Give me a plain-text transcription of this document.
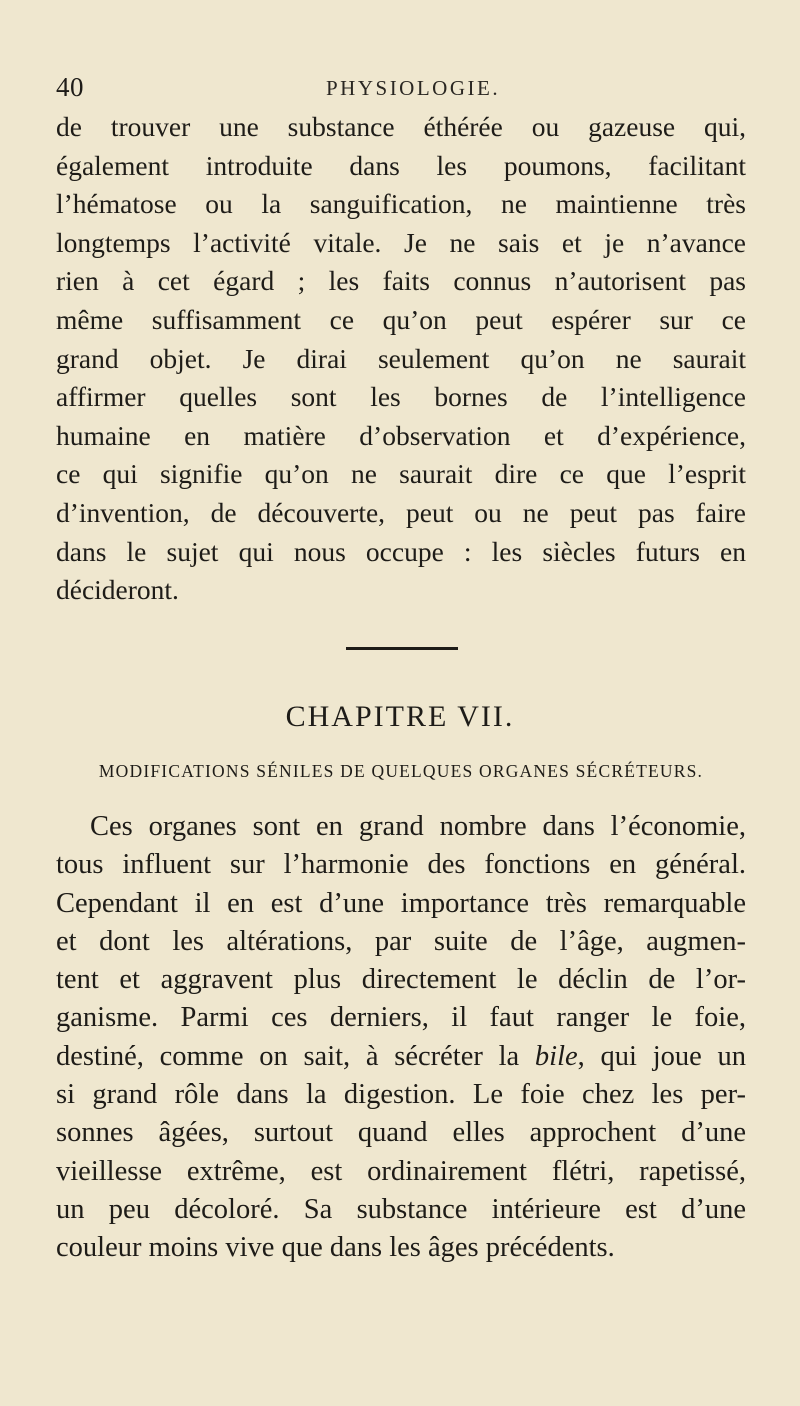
40	PHYSIOLOGIE.
de trouver une substance éthérée ou gazeuse qui,
également introduite dans les poumons, facilitant
l’hématose ou la sanguification, ne maintienne très
longtemps l’activité vitale. Je ne sais et je n’avance
rien à cet égard ; les faits connus n’autorisent pas
même suffisamment ce qu’on peut espérer sur ce
grand objet. Je dirai seulement qu’on ne saurait
affirmer quelles sont les bornes de l’intelligence
humaine en matière d’observation et d’expérience,
ce qui signifie qu’on ne saurait dire ce que l’esprit
d’invention, de découverte, peut ou ne peut pas faire
dans le sujet qui nous occupe : les siècles futurs en
décideront.
CHAPITRE VII.
MODIFICATIONS SÉNILES DE QUELQUES ORGANES SÉCRÉTEURS.
Ces organes sont en grand nombre dans l’économie,
tous influent sur l’harmonie des fonctions en général.
Cependant il en est d’une importance très remarquable
et dont les altérations, par suite de l’âge, augmen-
tent et aggravent plus directement le déclin de l’or-
ganisme. Parmi ces derniers, il faut ranger le foie,
destiné, comme on sait, à sécréter la bile, qui joue un
si grand rôle dans la digestion. Le foie chez les per-
sonnes âgées, surtout quand elles approchent d’une
vieillesse extrême, est ordinairement flétri, rapetissé,
un peu décoloré. Sa substance intérieure est d’une
couleur moins vive que dans les âges précédents.
